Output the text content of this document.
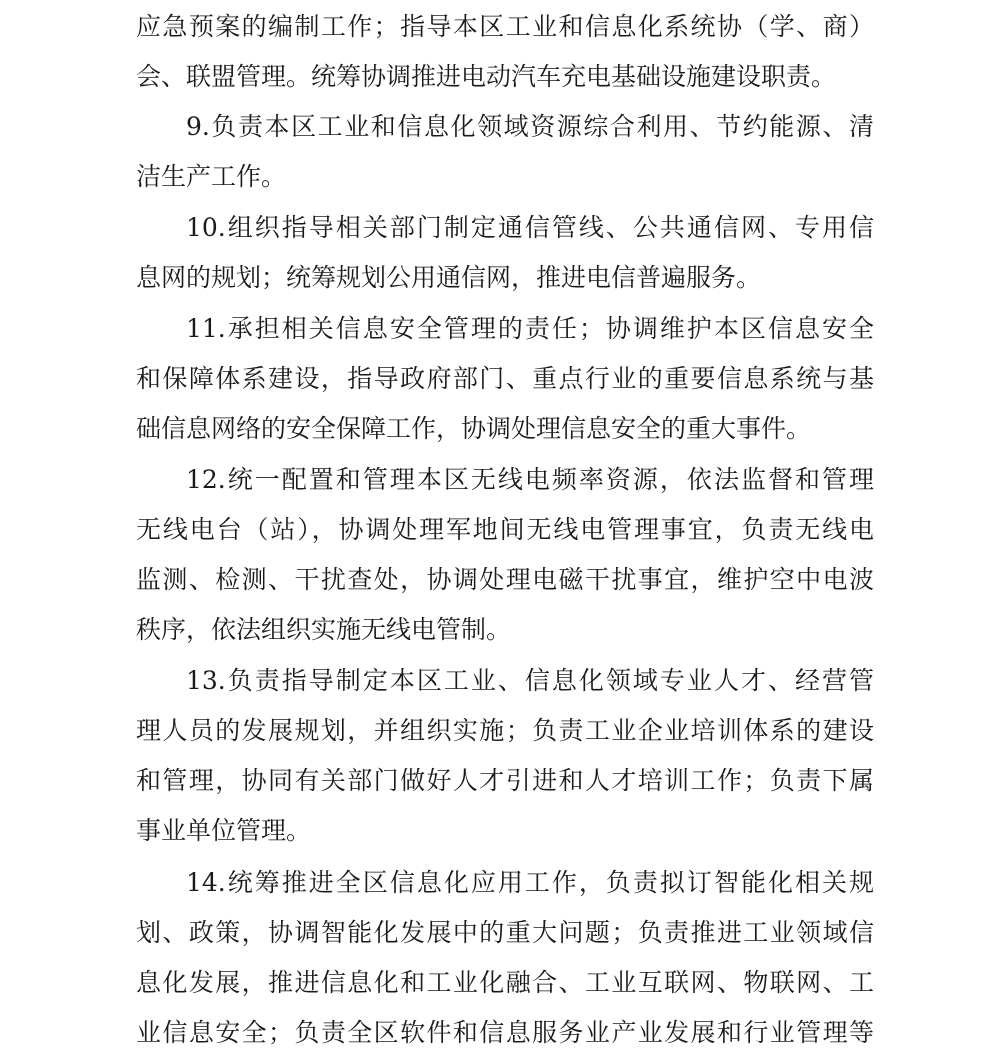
应急预案的编制工作；指导本区工业和信息化系统协（学、商）
会、联盟管理。统筹协调推进电动汽车充电基础设施建设职责。
9.负责本区工业和信息化领域资源综合利用、节约能源、清
洁生产工作。
10.组织指导相关部门制定通信管线、公共通信网、专用信
息网的规划；统筹规划公用通信网，推进电信普遍服务。
11.承担相关信息安全管理的责任；协调维护本区信息安全
和保障体系建设，指导政府部门、重点行业的重要信息系统与基
础信息网络的安全保障工作，协调处理信息安全的重大事件。
12.统一配置和管理本区无线电频率资源，依法监督和管理
无线电台（站），协调处理军地间无线电管理事宜，负责无线电
监测、检测、干扰查处，协调处理电磁干扰事宜，维护空中电波
秩序，依法组织实施无线电管制。
13.负责指导制定本区工业、信息化领域专业人才、经营管
理人员的发展规划，并组织实施；负责工业企业培训体系的建设
和管理，协同有关部门做好人才引进和人才培训工作；负责下属
事业单位管理。
14.统筹推进全区信息化应用工作，负责拟订智能化相关规
划、政策，协调智能化发展中的重大问题；负责推进工业领域信
息化发展，推进信息化和工业化融合、工业互联网、物联网、工
业信息安全；负责全区软件和信息服务业产业发展和行业管理等
